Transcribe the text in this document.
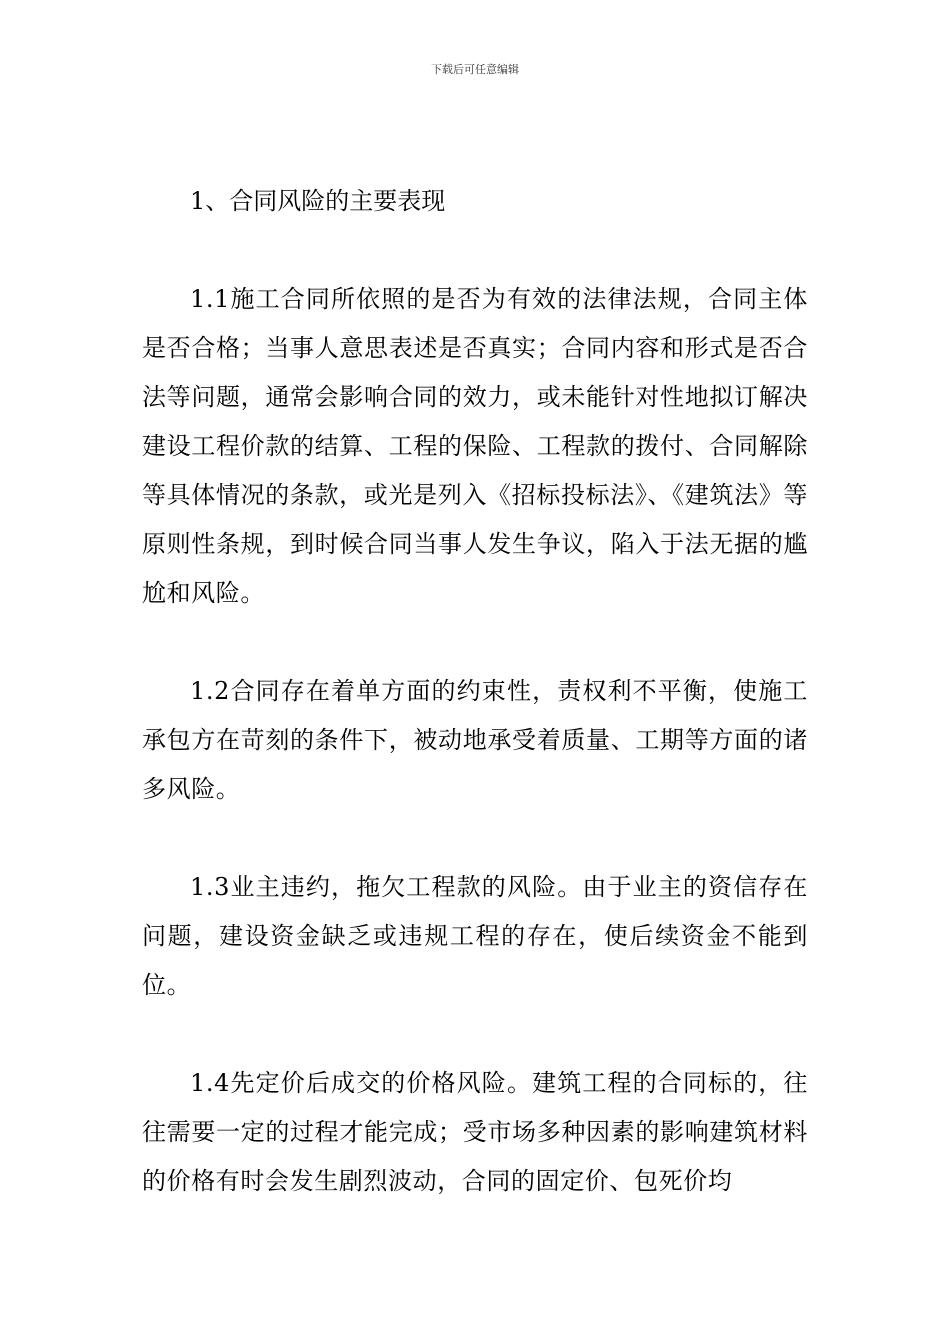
下载后可任意编辑

1、合同风险的主要表现

1.1施工合同所依照的是否为有效的法律法规，合同主体是否合格；当事人意思表述是否真实；合同内容和形式是否合法等问题，通常会影响合同的效力，或未能针对性地拟订解决建设工程价款的结算、工程的保险、工程款的拨付、合同解除等具体情况的条款，或光是列入《招标投标法》、《建筑法》等原则性条规，到时候合同当事人发生争议，陷入于法无据的尴尬和风险。

1.2合同存在着单方面的约束性，责权利不平衡，使施工承包方在苛刻的条件下，被动地承受着质量、工期等方面的诸多风险。

1.3业主违约，拖欠工程款的风险。由于业主的资信存在问题，建设资金缺乏或违规工程的存在，使后续资金不能到位。

1.4先定价后成交的价格风险。建筑工程的合同标的，往往需要一定的过程才能完成；受市场多种因素的影响建筑材料的价格有时会发生剧烈波动，合同的固定价、包死价均
